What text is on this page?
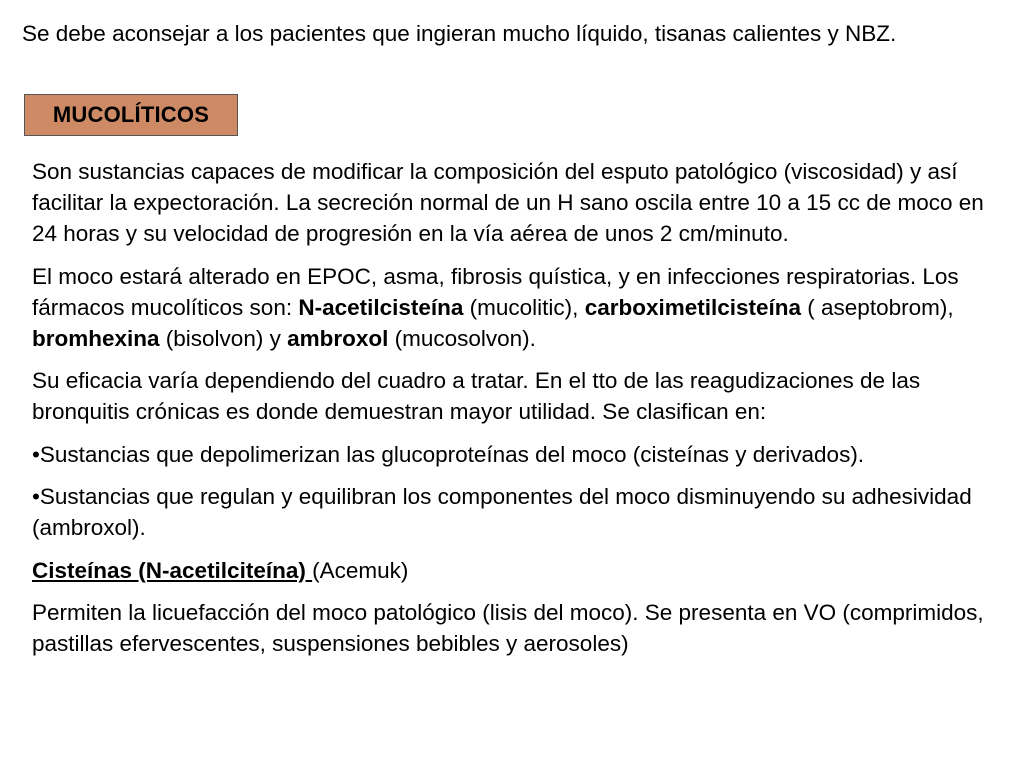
Se debe aconsejar a los pacientes que ingieran mucho líquido, tisanas calientes y NBZ.

MUCOLÍTICOS

Son sustancias capaces de modificar la composición del esputo patológico (viscosidad) y así facilitar la expectoración. La secreción normal de un H sano oscila entre 10 a 15 cc de moco en 24 horas y su velocidad de progresión en la vía aérea de unos 2 cm/minuto.

El moco estará alterado en EPOC, asma, fibrosis quística, y en infecciones respiratorias. Los fármacos mucolíticos son: N-acetilcisteína (mucolitic), carboximetilcisteína ( aseptobrom), bromhexina (bisolvon) y ambroxol (mucosolvon).

Su eficacia varía dependiendo del cuadro a tratar. En el tto de las reagudizaciones de las bronquitis crónicas es donde demuestran mayor utilidad. Se clasifican en:

•Sustancias que depolimerizan las glucoproteínas del moco (cisteínas y derivados).

•Sustancias que regulan y equilibran los componentes del moco disminuyendo su adhesividad (ambroxol).

Cisteínas (N-acetilciteína) (Acemuk)

Permiten la licuefacción del moco patológico (lisis del moco). Se presenta en VO (comprimidos, pastillas efervescentes, suspensiones bebibles y aerosoles)
